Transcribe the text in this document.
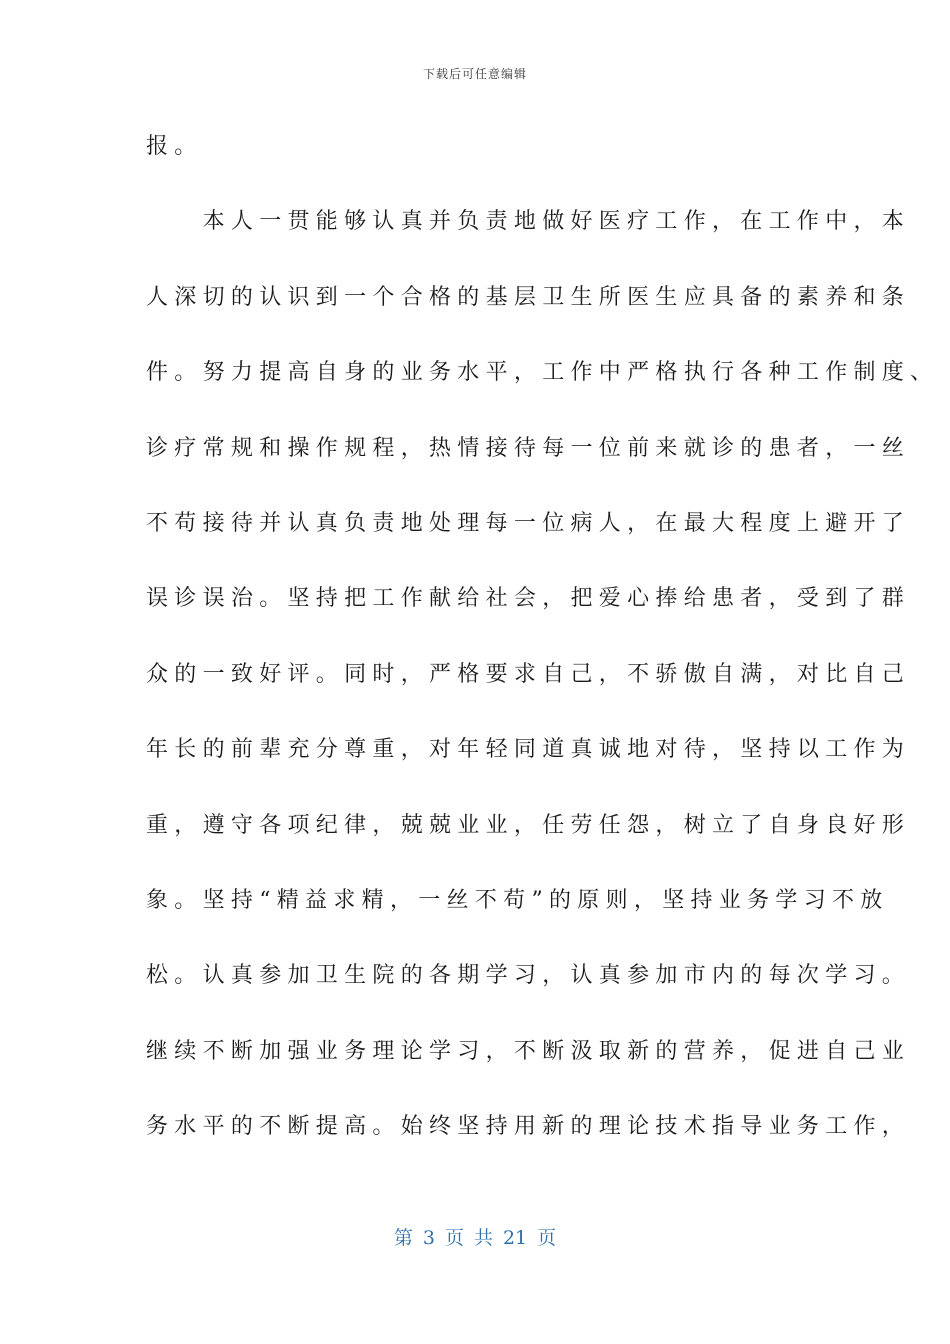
下载后可任意编辑
报。
　　本人一贯能够认真并负责地做好医疗工作，在工作中，本
人深切的认识到一个合格的基层卫生所医生应具备的素养和条
件。努力提高自身的业务水平，工作中严格执行各种工作制度、
诊疗常规和操作规程，热情接待每一位前来就诊的患者，一丝
不苟接待并认真负责地处理每一位病人，在最大程度上避开了
误诊误治。坚持把工作献给社会，把爱心捧给患者，受到了群
众的一致好评。同时，严格要求自己，不骄傲自满，对比自己
年长的前辈充分尊重，对年轻同道真诚地对待，坚持以工作为
重，遵守各项纪律，兢兢业业，任劳任怨，树立了自身良好形
象。坚持“精益求精，一丝不苟”的原则，坚持业务学习不放
松。认真参加卫生院的各期学习，认真参加市内的每次学习。
继续不断加强业务理论学习，不断汲取新的营养，促进自己业
务水平的不断提高。始终坚持用新的理论技术指导业务工作，
第 3 页 共 21 页
